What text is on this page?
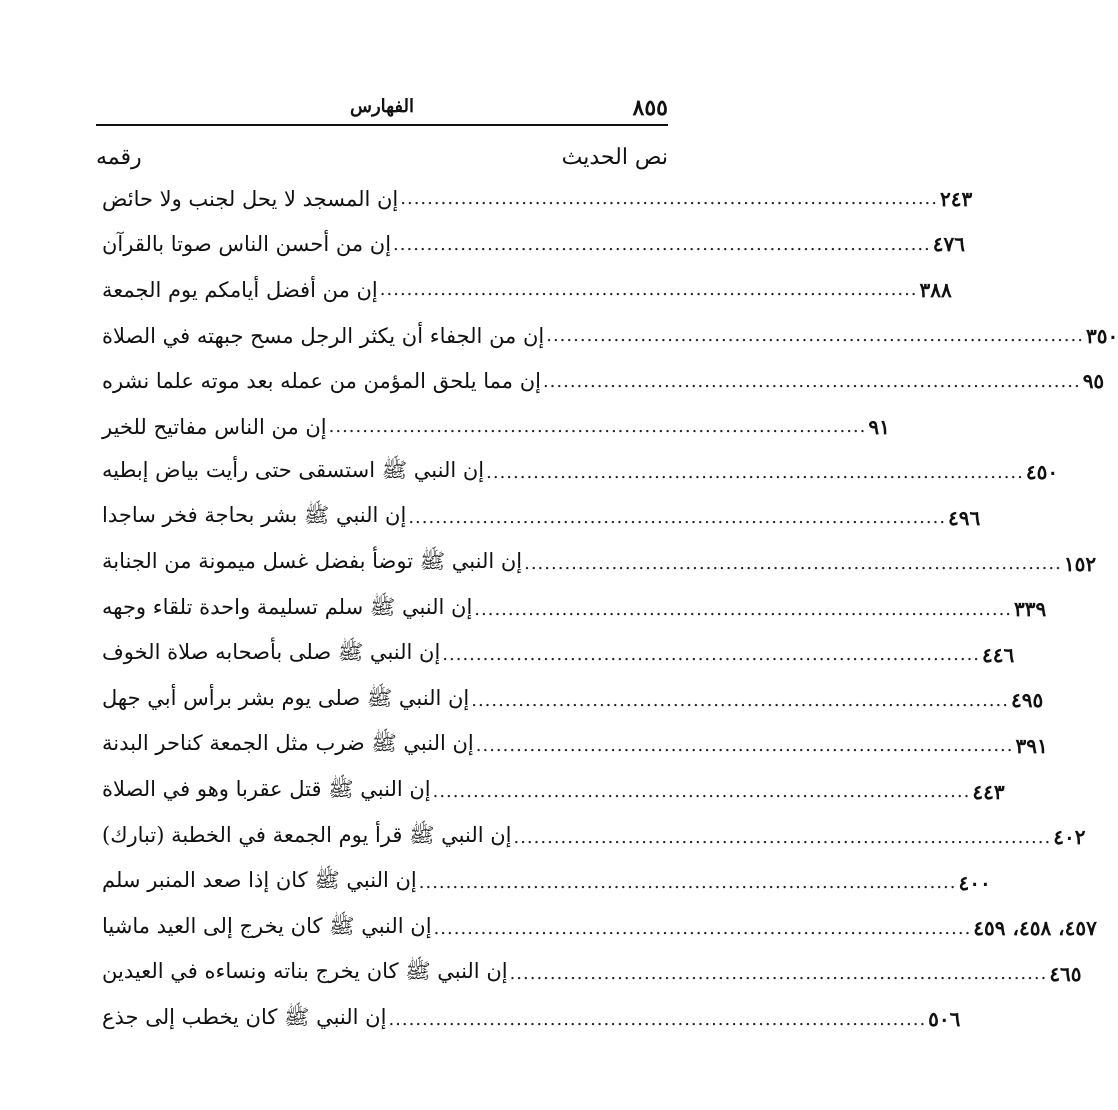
الفهارس	٨٥٥
نص الحديث
رقمه
إن المسجد لا يحل لجنب ولا حائض ................................................................................ ٢٤٣
إن من أحسن الناس صوتا بالقرآن ................................................................................ ٤٧٦
إن من أفضل أيامكم يوم الجمعة ................................................................................ ٣٨٨
إن من الجفاء أن يكثر الرجل مسح جبهته في الصلاة ................................................................................ ٣٥٠
إن مما يلحق المؤمن من عمله بعد موته علما نشره ................................................................................ ٩٥
إن من الناس مفاتيح للخير ................................................................................ ٩١
إن النبي ﷺ استسقى حتى رأيت بياض إبطيه ................................................................................ ٤٥٠
إن النبي ﷺ بشر بحاجة فخر ساجدا ................................................................................ ٤٩٦
إن النبي ﷺ توضأ بفضل غسل ميمونة من الجنابة ................................................................................ ١٥٢
إن النبي ﷺ سلم تسليمة واحدة تلقاء وجهه ................................................................................ ٣٣٩
إن النبي ﷺ صلى بأصحابه صلاة الخوف ................................................................................ ٤٤٦
إن النبي ﷺ صلى يوم بشر برأس أبي جهل ................................................................................ ٤٩٥
إن النبي ﷺ ضرب مثل الجمعة كناحر البدنة ................................................................................ ٣٩١
إن النبي ﷺ قتل عقربا وهو في الصلاة ................................................................................ ٤٤٣
إن النبي ﷺ قرأ يوم الجمعة في الخطبة (تبارك) ................................................................................ ٤٠٢
إن النبي ﷺ كان إذا صعد المنبر سلم ................................................................................ ٤٠٠
إن النبي ﷺ كان يخرج إلى العيد ماشيا ................................................................................ ٤٥٧، ٤٥٨، ٤٥٩
إن النبي ﷺ كان يخرج بناته ونساءه في العيدين ................................................................................ ٤٦٥
إن النبي ﷺ كان يخطب إلى جذع ................................................................................ ٥٠٦
